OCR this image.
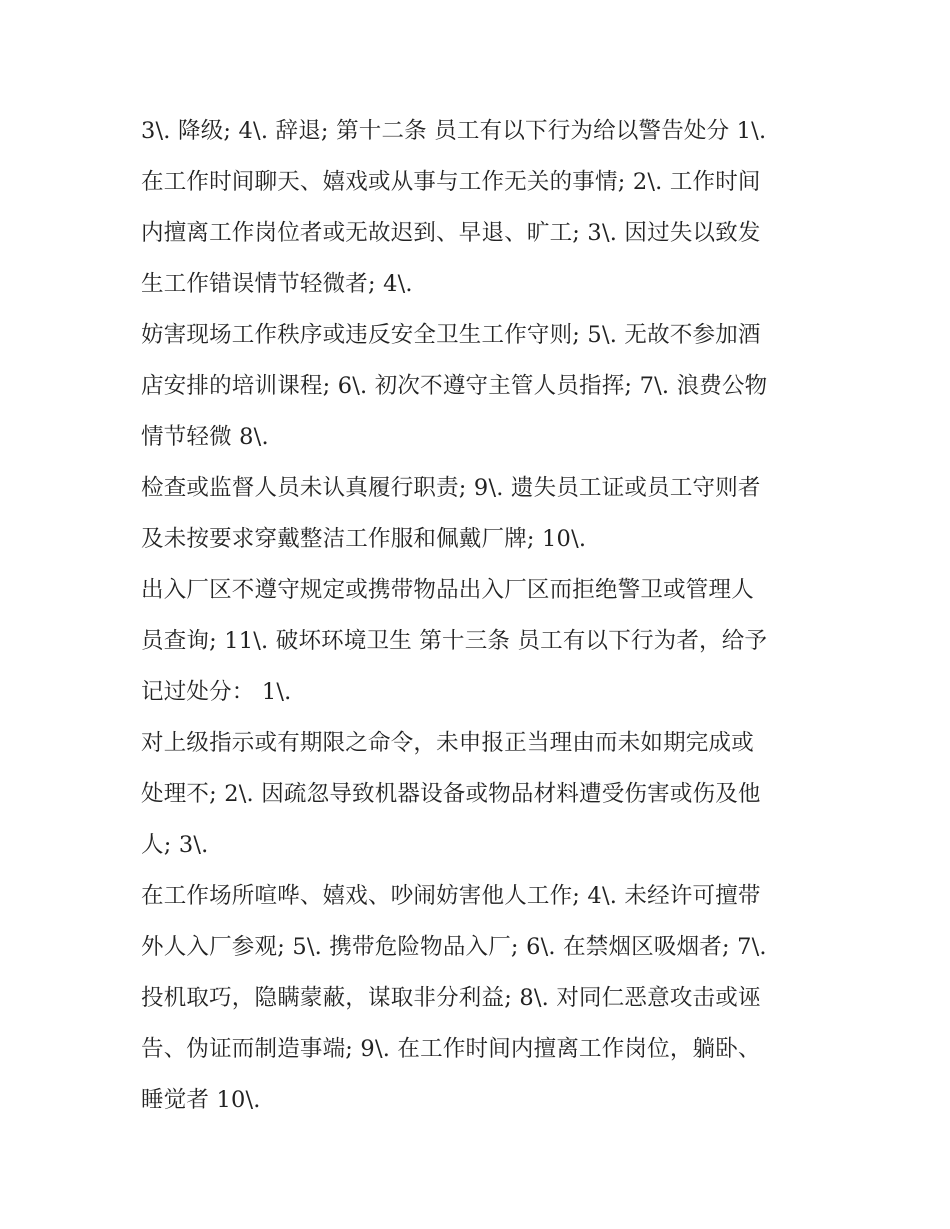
3\. 降级; 4\. 辞退; 第十二条 员工有以下行为给以警告处分 1\.
在工作时间聊天、嬉戏或从事与工作无关的事情; 2\. 工作时间
内擅离工作岗位者或无故迟到、早退、旷工; 3\. 因过失以致发
生工作错误情节轻微者; 4\.
妨害现场工作秩序或违反安全卫生工作守则; 5\. 无故不参加酒
店安排的培训课程; 6\. 初次不遵守主管人员指挥; 7\. 浪费公物
情节轻微 8\.
检查或监督人员未认真履行职责; 9\. 遗失员工证或员工守则者
及未按要求穿戴整洁工作服和佩戴厂牌; 10\.
出入厂区不遵守规定或携带物品出入厂区而拒绝警卫或管理人
员查询; 11\. 破坏环境卫生 第十三条 员工有以下行为者，给予
记过处分： 1\.
对上级指示或有期限之命令，未申报正当理由而未如期完成或
处理不; 2\. 因疏忽导致机器设备或物品材料遭受伤害或伤及他
人; 3\.
在工作场所喧哗、嬉戏、吵闹妨害他人工作; 4\. 未经许可擅带
外人入厂参观; 5\. 携带危险物品入厂; 6\. 在禁烟区吸烟者; 7\.
投机取巧，隐瞒蒙蔽，谋取非分利益; 8\. 对同仁恶意攻击或诬
告、伪证而制造事端; 9\. 在工作时间内擅离工作岗位，躺卧、
睡觉者 10\.
